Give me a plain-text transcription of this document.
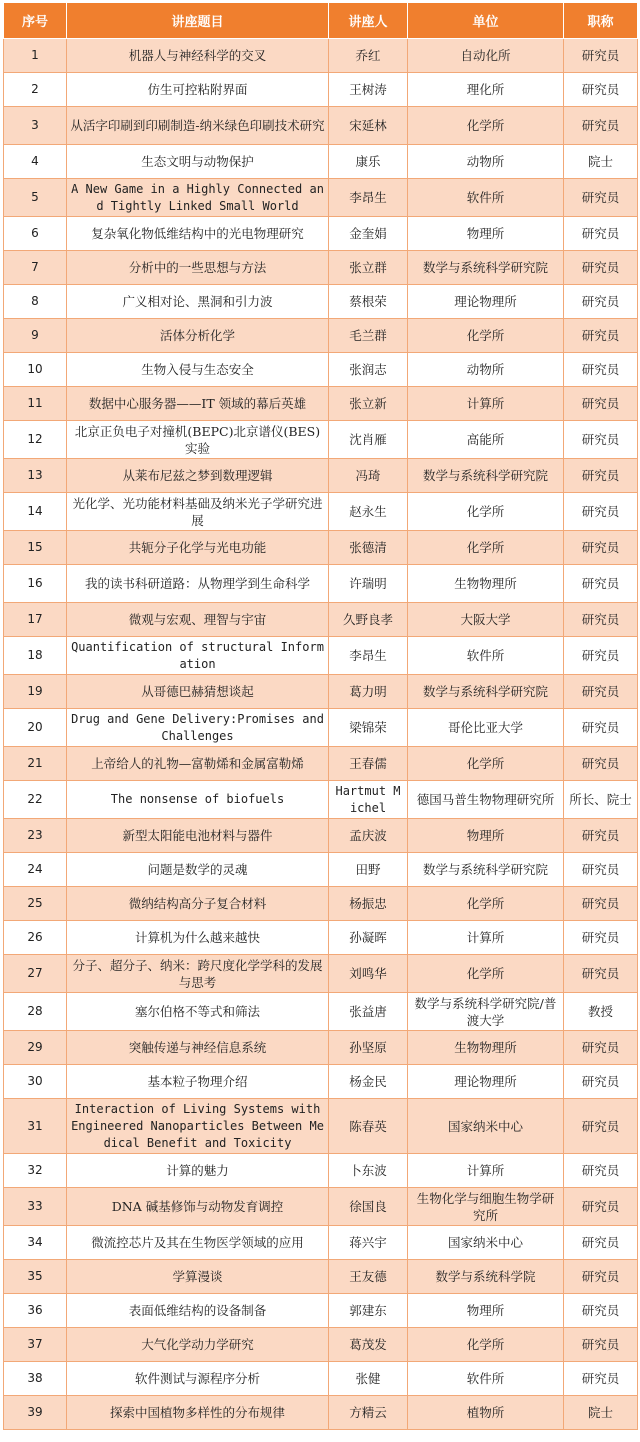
序号	讲座题目	讲座人	单位	职称
1	机器人与神经科学的交叉	乔红	自动化所	研究员
2	仿生可控粘附界面	王树涛	理化所	研究员
3	从活字印刷到印刷制造-纳米绿色印刷技术研究	宋延林	化学所	研究员
4	生态文明与动物保护	康乐	动物所	院士
5	A New Game in a Highly Connected and Tightly Linked Small World	李昂生	软件所	研究员
6	复杂氧化物低维结构中的光电物理研究	金奎娟	物理所	研究员
7	分析中的一些思想与方法	张立群	数学与系统科学研究院	研究员
8	广义相对论、黑洞和引力波	蔡根荣	理论物理所	研究员
9	活体分析化学	毛兰群	化学所	研究员
10	生物入侵与生态安全	张润志	动物所	研究员
11	数据中心服务器——IT 领域的幕后英雄	张立新	计算所	研究员
12	北京正负电子对撞机(BEPC)北京谱仪(BES)实验	沈肖雁	高能所	研究员
13	从莱布尼兹之梦到数理逻辑	冯琦	数学与系统科学研究院	研究员
14	光化学、光功能材料基础及纳米光子学研究进展	赵永生	化学所	研究员
15	共轭分子化学与光电功能	张德清	化学所	研究员
16	我的读书科研道路：从物理学到生命科学	许瑞明	生物物理所	研究员
17	微观与宏观、理智与宇宙	久野良孝	大阪大学	研究员
18	Quantification of structural Information	李昂生	软件所	研究员
19	从哥德巴赫猜想谈起	葛力明	数学与系统科学研究院	研究员
20	Drug and Gene Delivery:Promises and Challenges	梁锦荣	哥伦比亚大学	研究员
21	上帝给人的礼物—富勒烯和金属富勒烯	王春儒	化学所	研究员
22	The nonsense of biofuels	Hartmut Michel	德国马普生物物理研究所	所长、院士
23	新型太阳能电池材料与器件	孟庆波	物理所	研究员
24	问题是数学的灵魂	田野	数学与系统科学研究院	研究员
25	微纳结构高分子复合材料	杨振忠	化学所	研究员
26	计算机为什么越来越快	孙凝晖	计算所	研究员
27	分子、超分子、纳米：跨尺度化学学科的发展与思考	刘鸣华	化学所	研究员
28	塞尔伯格不等式和筛法	张益唐	数学与系统科学研究院/普渡大学	教授
29	突触传递与神经信息系统	孙坚原	生物物理所	研究员
30	基本粒子物理介绍	杨金民	理论物理所	研究员
31	Interaction of Living Systems with Engineered Nanoparticles Between Medical Benefit and Toxicity	陈春英	国家纳米中心	研究员
32	计算的魅力	卜东波	计算所	研究员
33	DNA 碱基修饰与动物发育调控	徐国良	生物化学与细胞生物学研究所	研究员
34	微流控芯片及其在生物医学领域的应用	蒋兴宇	国家纳米中心	研究员
35	学算漫谈	王友德	数学与系统科学院	研究员
36	表面低维结构的设备制备	郭建东	物理所	研究员
37	大气化学动力学研究	葛茂发	化学所	研究员
38	软件测试与源程序分析	张健	软件所	研究员
39	探索中国植物多样性的分布规律	方精云	植物所	院士
